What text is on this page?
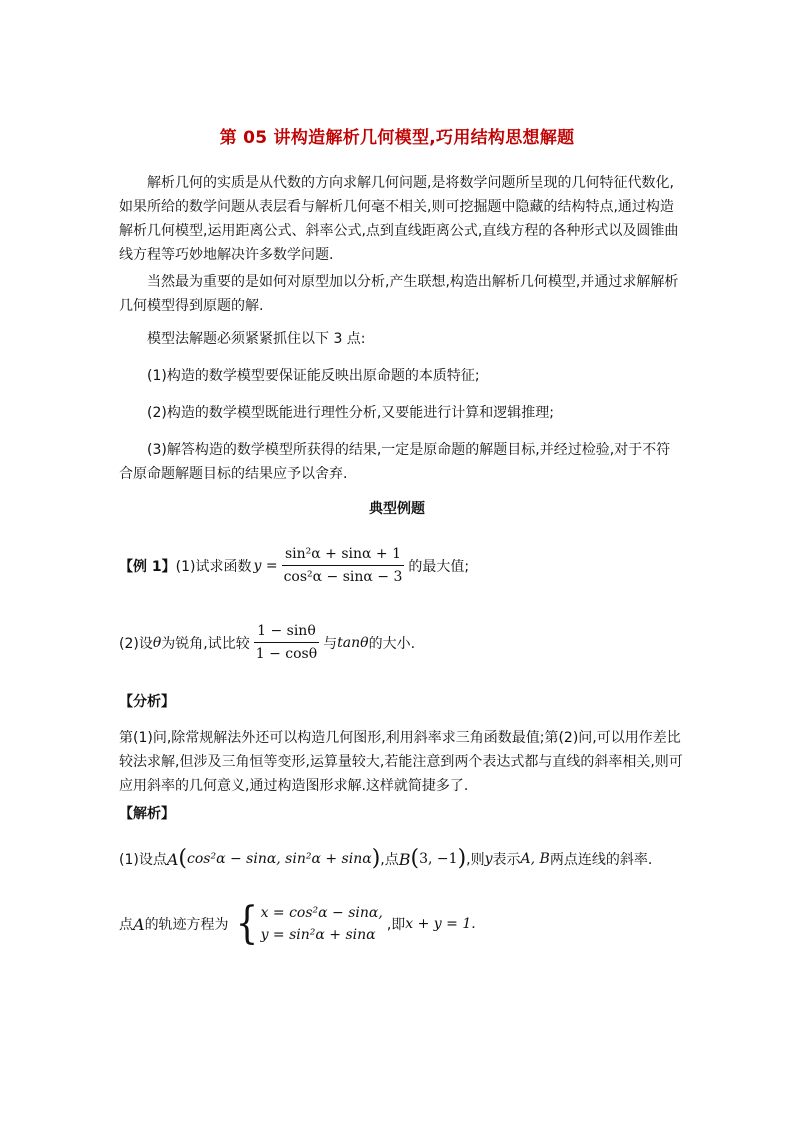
第 05 讲构造解析几何模型,巧用结构思想解题
解析几何的实质是从代数的方向求解几何问题,是将数学问题所呈现的几何特征代数化,如果所给的数学问题从表层看与解析几何毫不相关,则可挖掘题中隐藏的结构特点,通过构造解析几何模型,运用距离公式、斜率公式,点到直线距离公式,直线方程的各种形式以及圆锥曲线方程等巧妙地解决许多数学问题.
当然最为重要的是如何对原型加以分析,产生联想,构造出解析几何模型,并通过求解解析几何模型得到原题的解.
模型法解题必须紧紧抓住以下 3 点:
(1)构造的数学模型要保证能反映出原命题的本质特征;
(2)构造的数学模型既能进行理性分析,又要能进行计算和逻辑推理;
(3)解答构造的数学模型所获得的结果,一定是原命题的解题目标,并经过检验,对于不符合原命题解题目标的结果应予以舍弃.
典型例题
【例 1】 (1)试求函数 $y = \frac{\text{sin²α + sinα + 1}}{\text{cos²α − sinα − 3}}$ 的最大值;
(2)设 θ 为锐角,试比较 $\frac{1 - \sin\theta}{1 - \cos\theta}$ 与 tanθ 的大小.
【分析】
第(1)问,除常规解法外还可以构造几何图形,利用斜率求三角函数最值;第(2)问,可以用作差比较法求解,但涉及三角恒等变形,运算量较大,若能注意到两个表达式都与直线的斜率相关,则可应用斜率的几何意义,通过构造图形求解.这样就简捷多了.
【解析】
(1)设点 A ( cos²α − sinα, sin²α + sinα ) ,点 B ( 3, −1 ) ,则 y 表示 A, B 两点连线的斜率.
点 A 的轨迹方程为 { x = cos²α − sinα,
y = sin²α + sinα
,即 x + y = 1.
